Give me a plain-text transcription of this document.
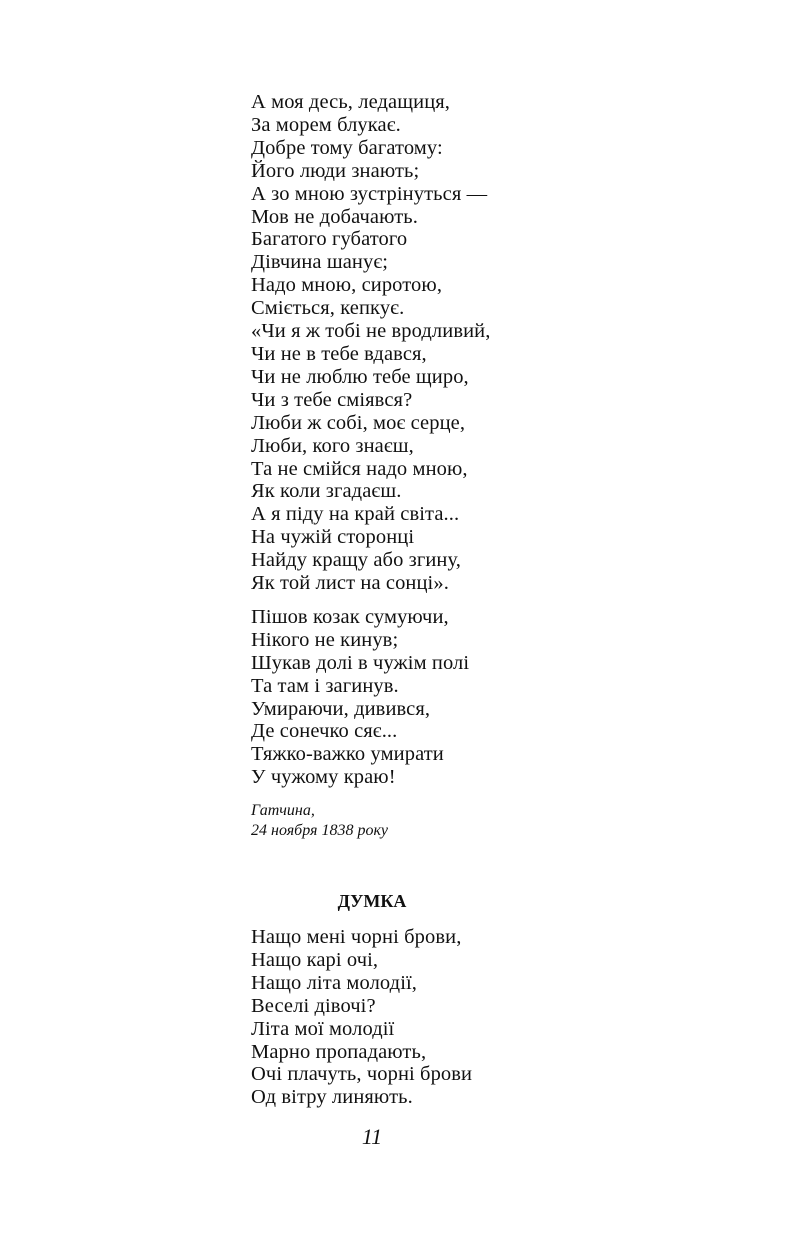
А моя десь, ледащиця,
За морем блукає.
Добре тому багатому:
Його люди знають;
А зо мною зустрінуться —
Мов не добачають.
Багатого губатого
Дівчина шанує;
Надо мною, сиротою,
Сміється, кепкує.
«Чи я ж тобі не вродливий,
Чи не в тебе вдався,
Чи не люблю тебе щиро,
Чи з тебе сміявся?
Люби ж собі, моє серце,
Люби, кого знаєш,
Та не смійся надо мною,
Як коли згадаєш.
А я піду на край світа...
На чужій сторонці
Найду кращу або згину,
Як той лист на сонці».
Пішов козак сумуючи,
Нікого не кинув;
Шукав долі в чужім полі
Та там і загинув.
Умираючи, дивився,
Де сонечко сяє...
Тяжко-важко умирати
У чужому краю!
Гатчина,
24 ноября 1838 року
ДУМКА
Нащо мені чорні брови,
Нащо карі очі,
Нащо літа молодії,
Веселі дівочі?
Літа мої молодії
Марно пропадають,
Очі плачуть, чорні брови
Од вітру линяють.
11
